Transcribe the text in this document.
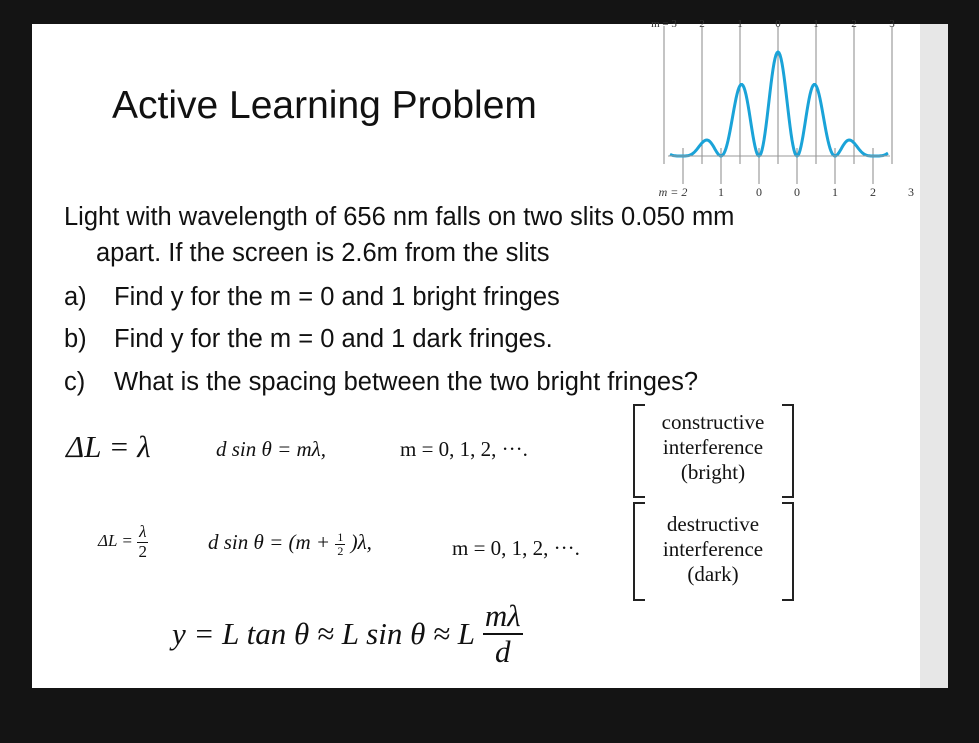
Active Learning Problem
m = 3 2	1	0	1	2	3
m = 2	1	0	0	1	2	3
Light with wavelength of 656 nm falls on two slits 0.050 mm
apart. If the screen is 2.6m from the slits
a) Find y for the m = 0 and 1 bright fringes
b) Find y for the m = 0 and 1 dark fringes.
c) What is the spacing between the two bright fringes?
ΔL = λ	d sin θ = mλ,	m = 0, 1, 2, ···.
constructive
interference
(bright)
$\Delta L = \frac{\lambda}{2}$	d $\sin \theta = (m + \frac{1}{2} )\lambda$,	m = 0, 1, 2, ···.
destructive
interference
(dark)
y = L tan θ ≈ L sin θ ≈ L $\frac{m\lambda}{d}$
